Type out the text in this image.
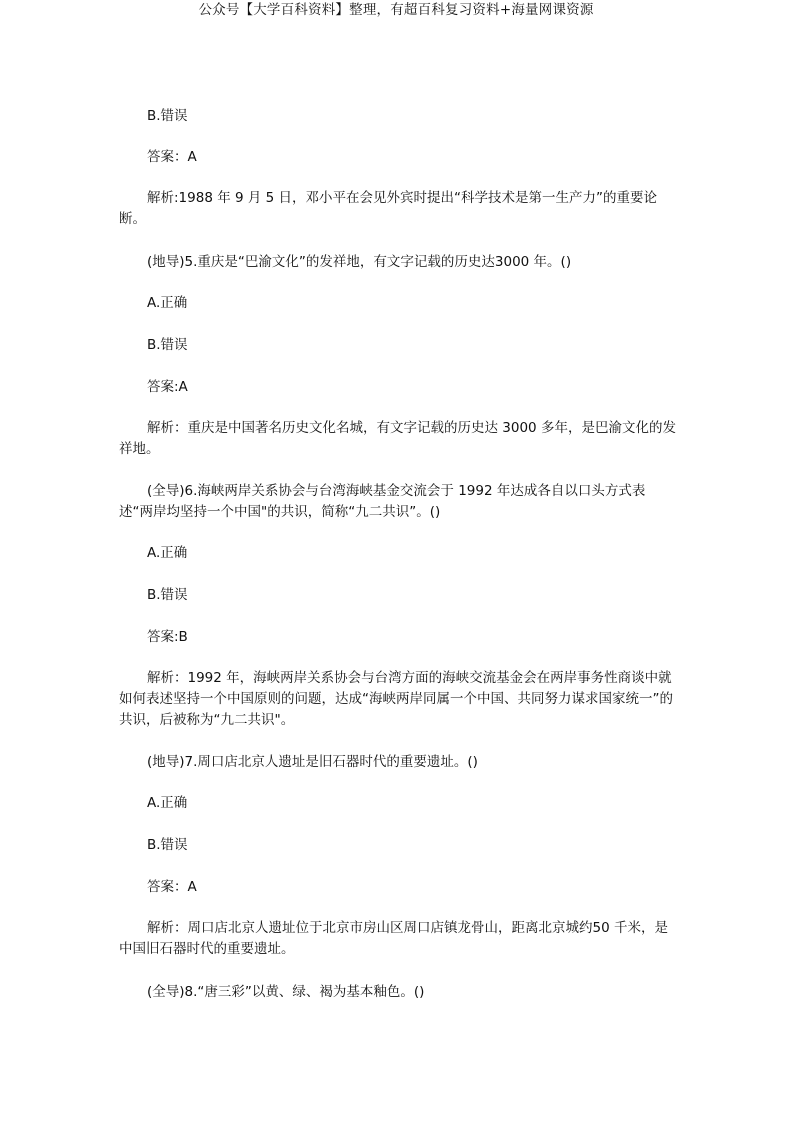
公众号【大学百科资料】整理，有超百科复习资料+海量网课资源

B.错误

答案：A

解析:1988 年 9 月 5 日，邓小平在会见外宾时提出“科学技术是第一生产力”的重要论断。

(地导)5.重庆是“巴渝文化”的发祥地，有文字记载的历史达3000 年。()

A.正确

B.错误

答案:A

解析：重庆是中国著名历史文化名城，有文字记载的历史达 3000 多年，是巴渝文化的发祥地。

(全导)6.海峡两岸关系协会与台湾海峡基金交流会于 1992 年达成各自以口头方式表述“两岸均坚持一个中国"的共识，简称“九二共识”。()

A.正确

B.错误

答案:B

解析：1992 年，海峡两岸关系协会与台湾方面的海峡交流基金会在两岸事务性商谈中就如何表述坚持一个中国原则的问题，达成“海峡两岸同属一个中国、共同努力谋求国家统一”的共识，后被称为“九二共识"。

(地导)7.周口店北京人遗址是旧石器时代的重要遗址。()

A.正确

B.错误

答案：A

解析：周口店北京人遗址位于北京市房山区周口店镇龙骨山，距离北京城约50 千米，是中国旧石器时代的重要遗址。

(全导)8.“唐三彩”以黄、绿、褐为基本釉色。()
